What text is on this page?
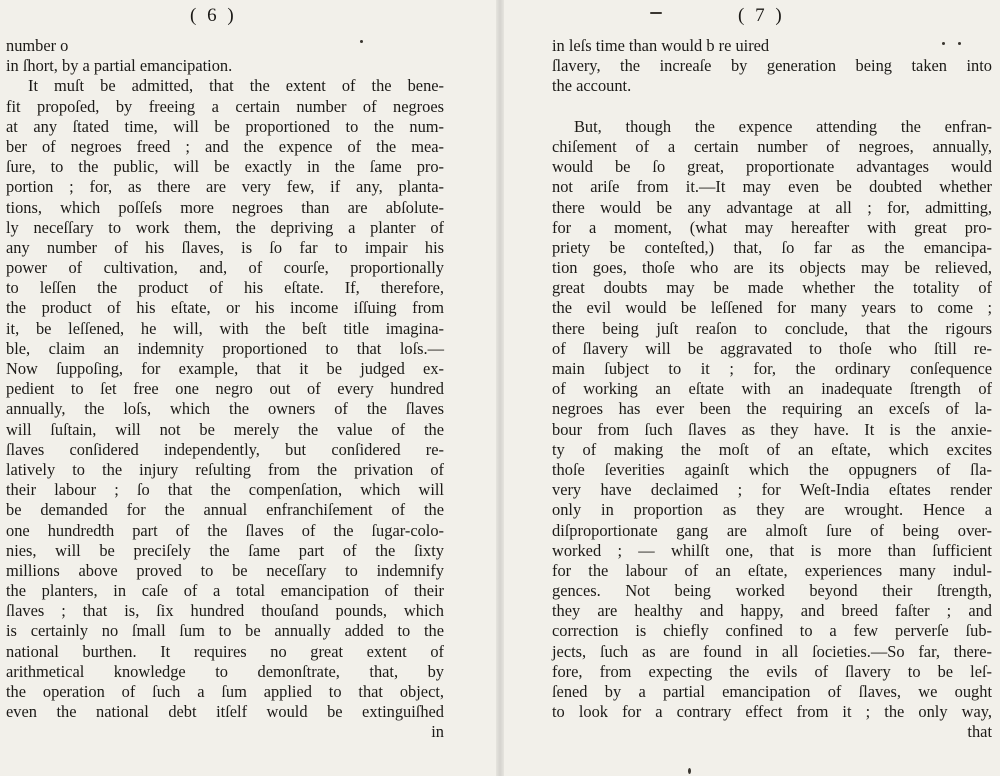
( 6 )
number o
in ſhort, by a partial emancipation.
It muſt be admitted, that the extent of the bene-
fit propoſed, by freeing a certain number of negroes
at any ſtated time, will be proportioned to the num-
ber of negroes freed ; and the expence of the mea-
ſure, to the public, will be exactly in the ſame pro-
portion ; for, as there are very few, if any, planta-
tions, which poſſeſs more negroes than are abſolute-
ly neceſſary to work them, the depriving a planter of
any number of his ſlaves, is ſo far to impair his
power of cultivation, and, of courſe, proportionally
to leſſen the product of his eſtate. If, therefore,
the product of his eſtate, or his income iſſuing from
it, be leſſened, he will, with the beſt title imagina-
ble, claim an indemnity proportioned to that loſs.—
Now ſuppoſing, for example, that it be judged ex-
pedient to ſet free one negro out of every hundred
annually, the loſs, which the owners of the ſlaves
will ſuſtain, will not be merely the value of the
ſlaves conſidered independently, but conſidered re-
latively to the injury reſulting from the privation of
their labour ; ſo that the compenſation, which will
be demanded for the annual enfranchiſement of the
one hundredth part of the ſlaves of the ſugar-colo-
nies, will be preciſely the ſame part of the ſixty
millions above proved to be neceſſary to indemnify
the planters, in caſe of a total emancipation of their
ſlaves ; that is, ſix hundred thouſand pounds, which
is certainly no ſmall ſum to be annually added to the
national burthen. It requires no great extent of
arithmetical knowledge to demonſtrate, that, by
the operation of ſuch a ſum applied to that object,
even the national debt itſelf would be extinguiſhed
in
( 7 )
in leſs time than would b re uired
ſlavery, the increaſe by generation being taken into
the account.
But, though the expence attending the enfran-
chiſement of a certain number of negroes, annually,
would be ſo great, proportionate advantages would
not ariſe from it.—It may even be doubted whether
there would be any advantage at all ; for, admitting,
for a moment, (what may hereafter with great pro-
priety be conteſted,) that, ſo far as the emancipa-
tion goes, thoſe who are its objects may be relieved,
great doubts may be made whether the totality of
the evil would be leſſened for many years to come ;
there being juſt reaſon to conclude, that the rigours
of ſlavery will be aggravated to thoſe who ſtill re-
main ſubject to it ; for, the ordinary conſequence
of working an eſtate with an inadequate ſtrength of
negroes has ever been the requiring an exceſs of la-
bour from ſuch ſlaves as they have. It is the anxie-
ty of making the moſt of an eſtate, which excites
thoſe ſeverities againſt which the oppugners of ſla-
very have declaimed ; for Weſt-India eſtates render
only in proportion as they are wrought. Hence a
diſproportionate gang are almoſt ſure of being over-
worked ; — whilſt one, that is more than ſufficient
for the labour of an eſtate, experiences many indul-
gences. Not being worked beyond their ſtrength,
they are healthy and happy, and breed faſter ; and
correction is chiefly confined to a few perverſe ſub-
jects, ſuch as are found in all ſocieties.—So far, there-
fore, from expecting the evils of ſlavery to be leſ-
ſened by a partial emancipation of ſlaves, we ought
to look for a contrary effect from it ; the only way,
that
